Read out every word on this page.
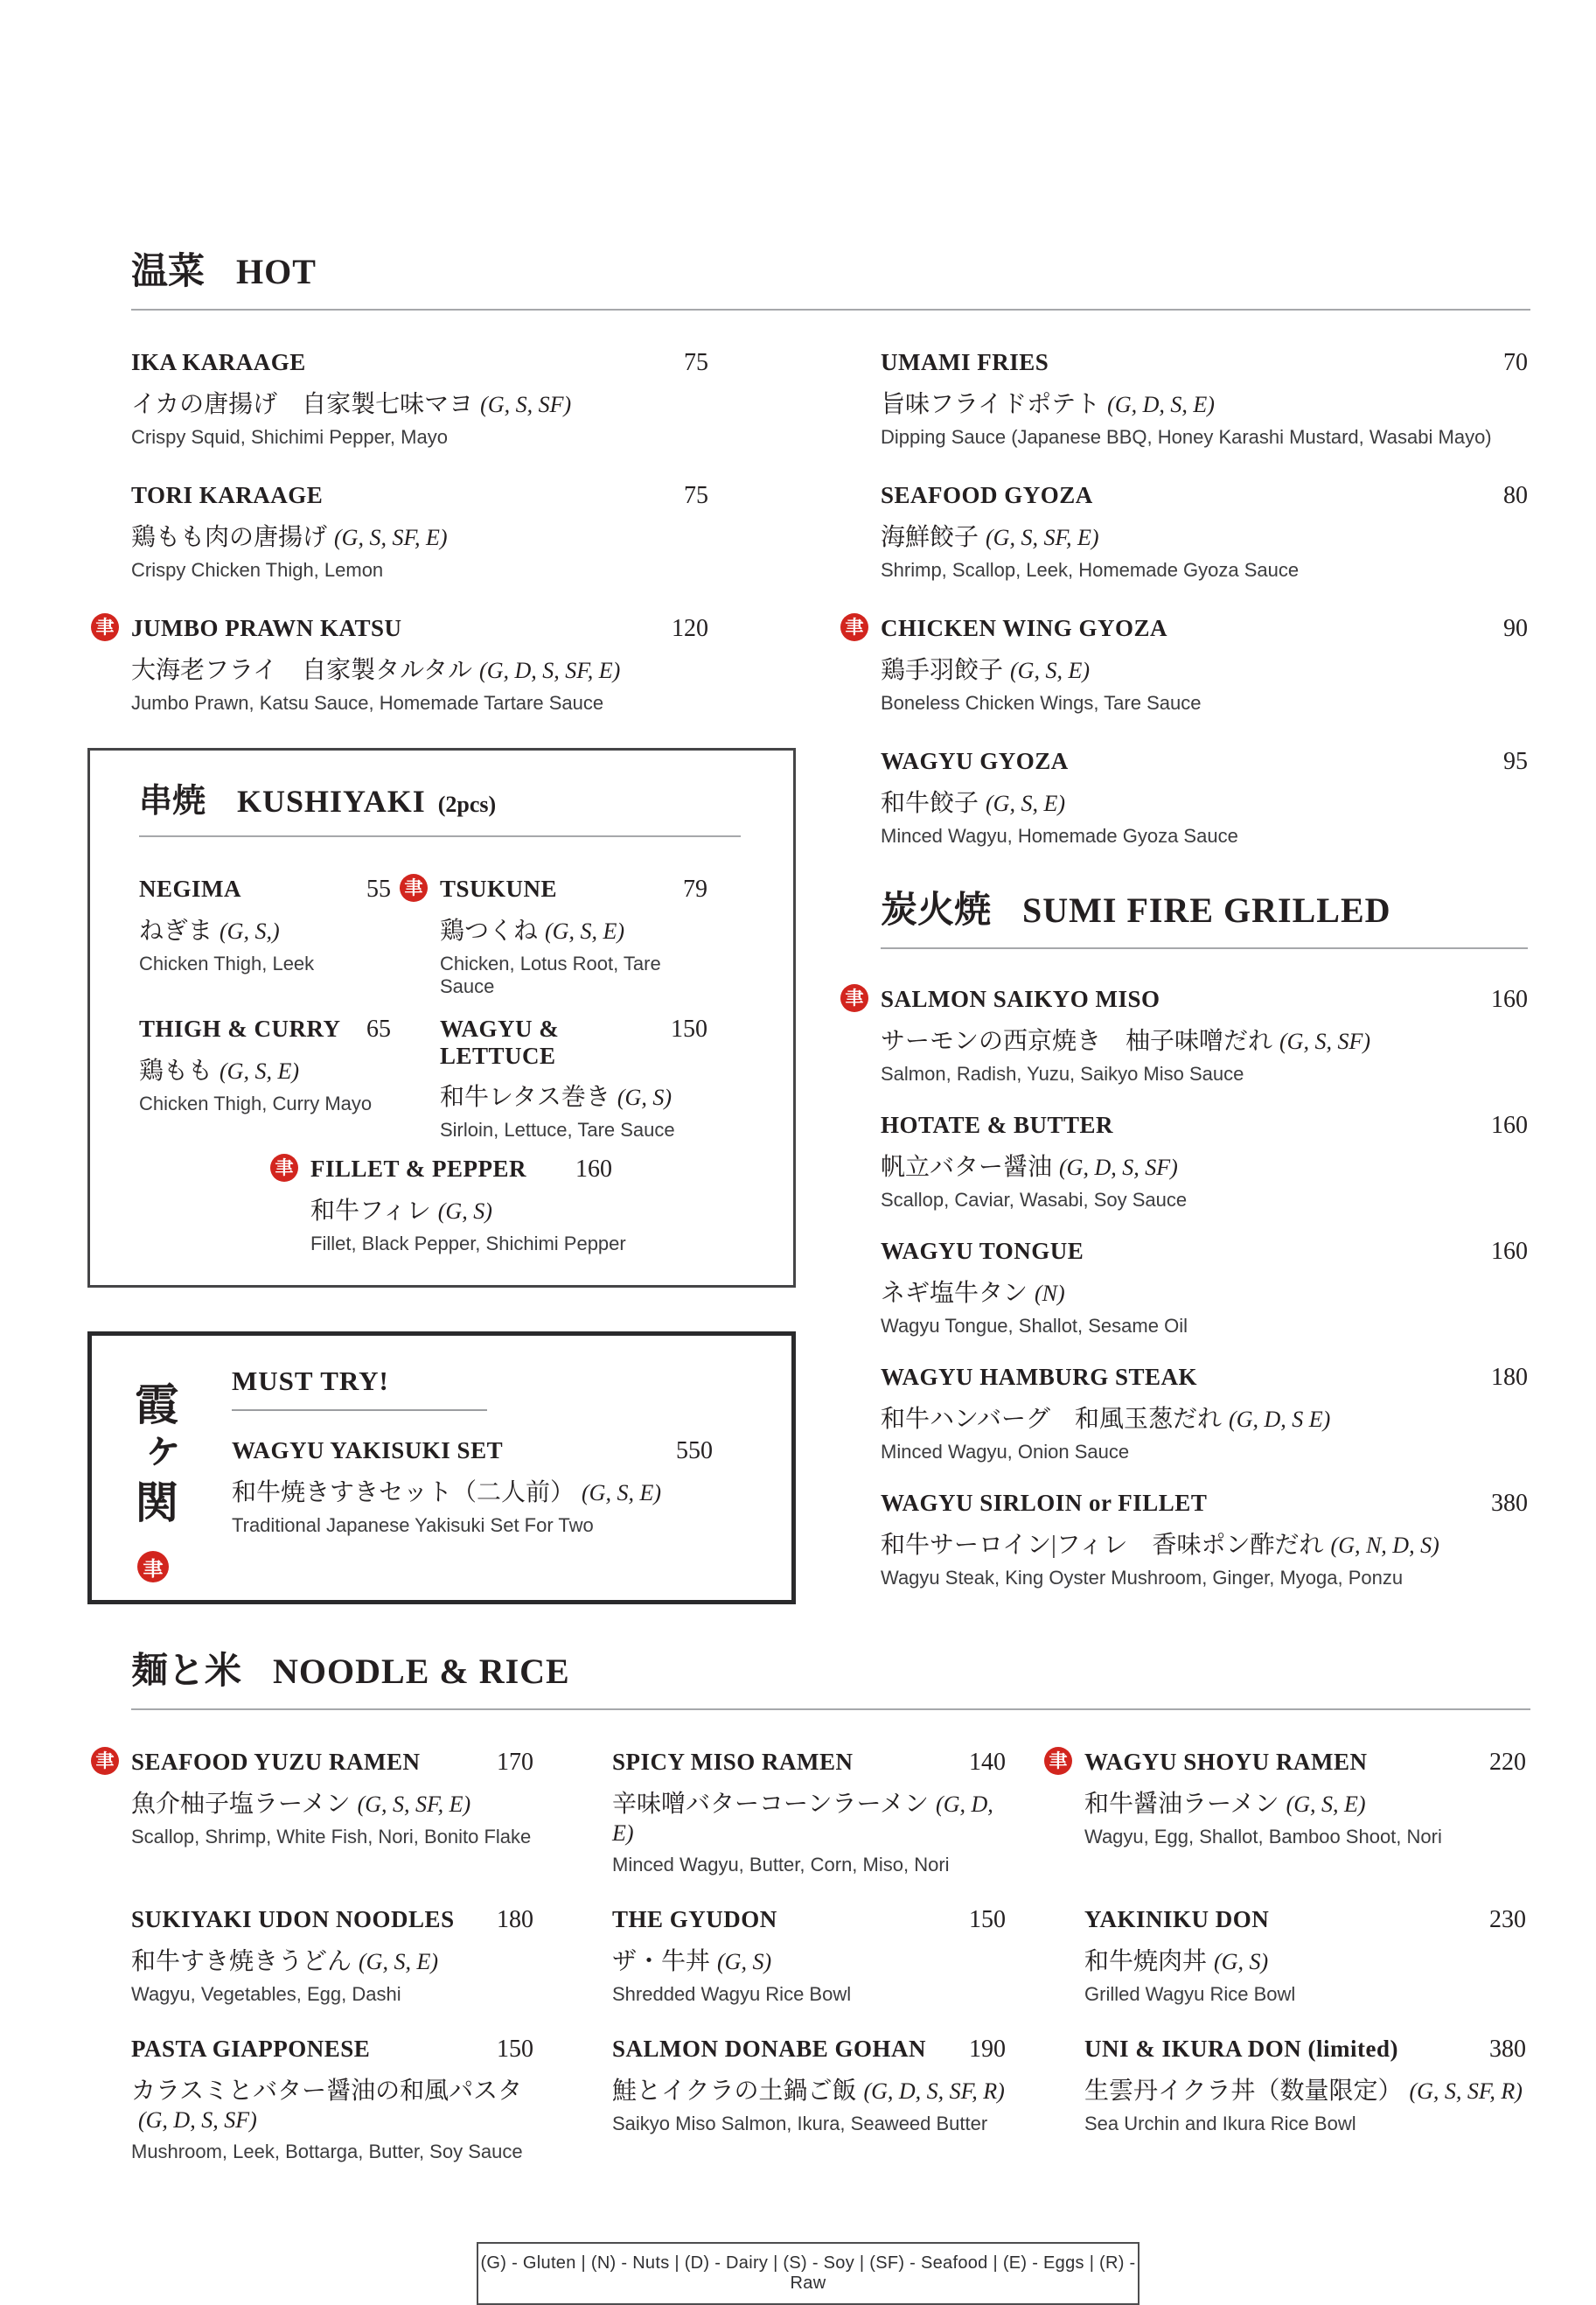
温菜 HOT
IKA KARAAGE	75
イカの唐揚げ　自家製七味マヨ (G, S, SF)
Crispy Squid, Shichimi Pepper, Mayo
TORI KARAAGE	75
鶏もも肉の唐揚げ (G, S, SF, E)
Crispy Chicken Thigh, Lemon
聿 JUMBO PRAWN KATSU	120
大海老フライ　自家製タルタル (G, D, S, SF, E)
Jumbo Prawn, Katsu Sauce, Homemade Tartare Sauce
串焼 KUSHIYAKI (2pcs)
NEGIMA	55
ねぎま (G, S,)
Chicken Thigh, Leek
聿 TSUKUNE	79
鶏つくね (G, S, E)
Chicken, Lotus Root, Tare Sauce
THIGH & CURRY 65
鶏もも (G, S, E)
Chicken Thigh, Curry Mayo
WAGYU & LETTUCE
150
和牛レタス巻き (G, S)
Sirloin, Lettuce, Tare Sauce
聿 FILLET & PEPPER 160
和牛フィレ (G, S)
Fillet, Black Pepper, Shichimi Pepper
霞ヶ関
聿
MUST TRY!
WAGYU YAKISUKI SET	550
和牛焼きすきセット（二人前） (G, S, E)
Traditional Japanese Yakisuki Set For Two
UMAMI FRIES	70
旨味フライドポテト (G, D, S, E)
Dipping Sauce (Japanese BBQ, Honey Karashi Mustard, Wasabi Mayo)
SEAFOOD GYOZA	80
海鮮餃子 (G, S, SF, E)
Shrimp, Scallop, Leek, Homemade Gyoza Sauce
聿 CHICKEN WING GYOZA	90
鶏手羽餃子 (G, S, E)
Boneless Chicken Wings, Tare Sauce
WAGYU GYOZA	95
和牛餃子 (G, S, E)
Minced Wagyu, Homemade Gyoza Sauce
炭火焼 SUMI FIRE GRILLED
聿 SALMON SAIKYO MISO	160
サーモンの西京焼き　柚子味噌だれ (G, S, SF)
Salmon, Radish, Yuzu, Saikyo Miso Sauce
HOTATE & BUTTER	160
帆立バター醤油 (G, D, S, SF)
Scallop, Caviar, Wasabi, Soy Sauce
WAGYU TONGUE	160
ネギ塩牛タン (N)
Wagyu Tongue, Shallot, Sesame Oil
WAGYU HAMBURG STEAK	180
和牛ハンバーグ　和風玉葱だれ (G, D, S E)
Minced Wagyu, Onion Sauce
WAGYU SIRLOIN or FILLET	380
和牛サーロイン|フィレ　香味ポン酢だれ (G, N, D, S)
Wagyu Steak, King Oyster Mushroom, Ginger, Myoga, Ponzu
麺と米 NOODLE & RICE
聿 SEAFOOD YUZU RAMEN	170
魚介柚子塩ラーメン (G, S, SF, E)
Scallop, Shrimp, White Fish, Nori, Bonito Flake
SPICY MISO RAMEN	140
辛味噌バターコーンラーメン (G, D, E)
Minced Wagyu, Butter, Corn, Miso, Nori
聿 WAGYU SHOYU RAMEN	220
和牛醤油ラーメン (G, S, E)
Wagyu, Egg, Shallot, Bamboo Shoot, Nori
SUKIYAKI UDON NOODLES 180
和牛すき焼きうどん (G, S, E)
Wagyu, Vegetables, Egg, Dashi
THE GYUDON	150
ザ・牛丼 (G, S)
Shredded Wagyu Rice Bowl
YAKINIKU DON	230
和牛焼肉丼 (G, S)
Grilled Wagyu Rice Bowl
PASTA GIAPPONESE	150
カラスミとバター醤油の和風パスタ(G, D, S, SF)
Mushroom, Leek, Bottarga, Butter, Soy Sauce
SALMON DONABE GOHAN 190
鮭とイクラの土鍋ご飯 (G, D, S, SF, R)
Saikyo Miso Salmon, Ikura, Seaweed Butter
UNI & IKURA DON (limited)	380
生雲丹イクラ丼（数量限定） (G, S, SF, R)
Sea Urchin and Ikura Rice Bowl
(G) - Gluten | (N) - Nuts | (D) - Dairy | (S) - Soy | (SF) - Seafood | (E) - Eggs | (R) - Raw
